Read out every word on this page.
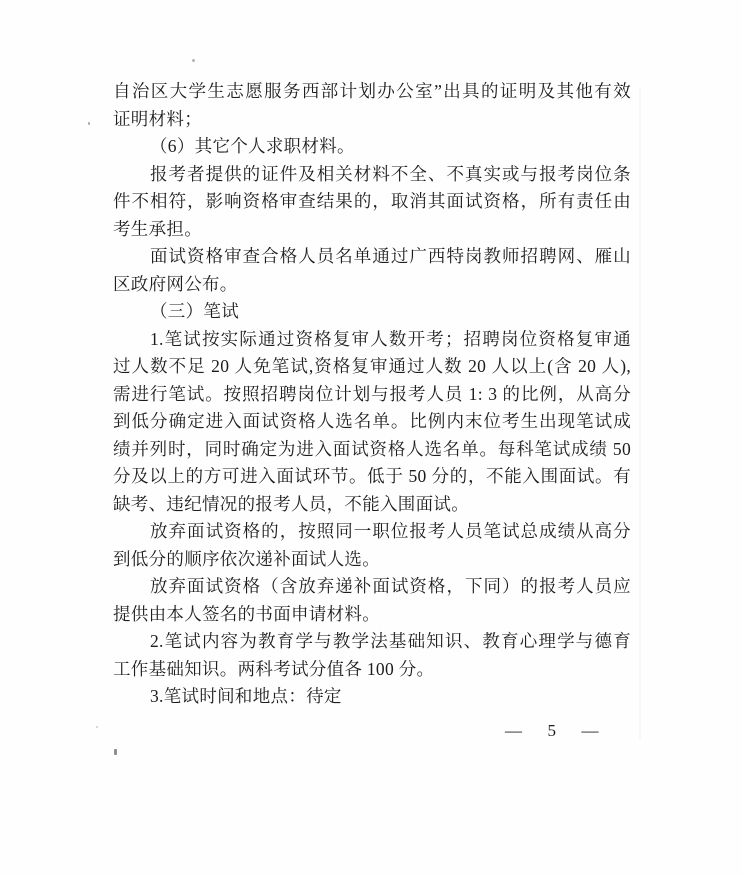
自治区大学生志愿服务西部计划办公室”出具的证明及其他有效
证明材料；
（6）其它个人求职材料。
报考者提供的证件及相关材料不全、不真实或与报考岗位条
件不相符，影响资格审查结果的，取消其面试资格，所有责任由
考生承担。
面试资格审查合格人员名单通过广西特岗教师招聘网、雁山
区政府网公布。
（三）笔试
1.笔试按实际通过资格复审人数开考；招聘岗位资格复审通
过人数不足 20 人免笔试,资格复审通过人数 20 人以上(含 20 人),
需进行笔试。按照招聘岗位计划与报考人员 1: 3 的比例，从高分
到低分确定进入面试资格人选名单。比例内末位考生出现笔试成
绩并列时，同时确定为进入面试资格人选名单。每科笔试成绩 50
分及以上的方可进入面试环节。低于 50 分的，不能入围面试。有
缺考、违纪情况的报考人员，不能入围面试。
放弃面试资格的，按照同一职位报考人员笔试总成绩从高分
到低分的顺序依次递补面试人选。
放弃面试资格（含放弃递补面试资格，下同）的报考人员应
提供由本人签名的书面申请材料。
2.笔试内容为教育学与教学法基础知识、教育心理学与德育
工作基础知识。两科考试分值各 100 分。
3.笔试时间和地点：待定
—  5  —
